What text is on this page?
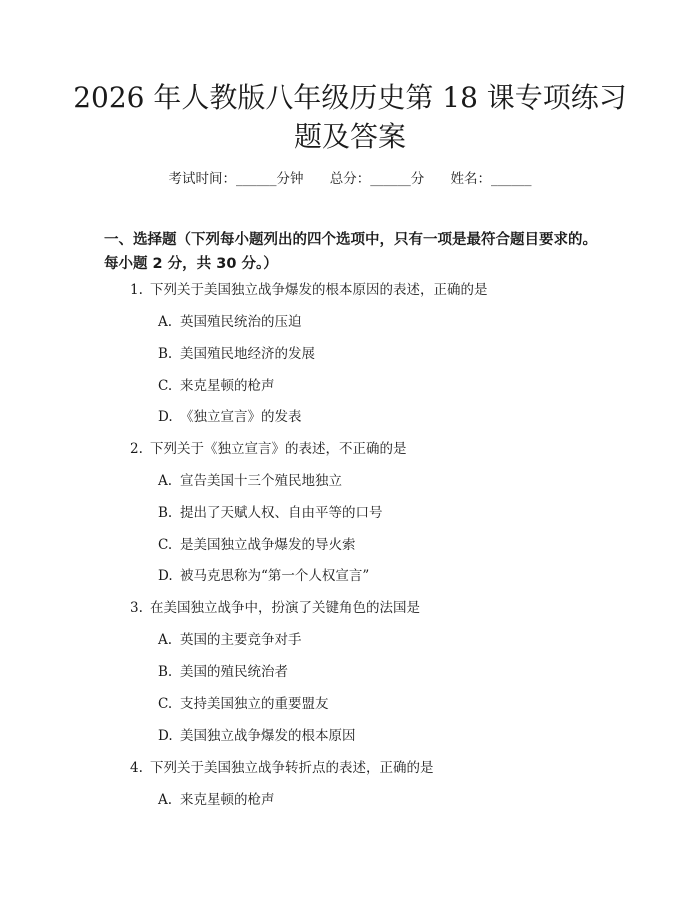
2026 年人教版八年级历史第 18 课专项练习
题及答案
考试时间：______分钟 总分：______分 姓名：______

一、选择题（下列每小题列出的四个选项中，只有一项是最符合题目要求的。每小题 2 分，共 30 分。）

1. 下列关于美国独立战争爆发的根本原因的表述，正确的是
A. 英国殖民统治的压迫
B. 美国殖民地经济的发展
C. 来克星顿的枪声
D. 《独立宣言》的发表
2. 下列关于《独立宣言》的表述，不正确的是
A. 宣告美国十三个殖民地独立
B. 提出了天赋人权、自由平等的口号
C. 是美国独立战争爆发的导火索
D. 被马克思称为“第一个人权宣言”
3. 在美国独立战争中，扮演了关键角色的法国是
A. 英国的主要竞争对手
B. 美国的殖民统治者
C. 支持美国独立的重要盟友
D. 美国独立战争爆发的根本原因
4. 下列关于美国独立战争转折点的表述，正确的是
A. 来克星顿的枪声
